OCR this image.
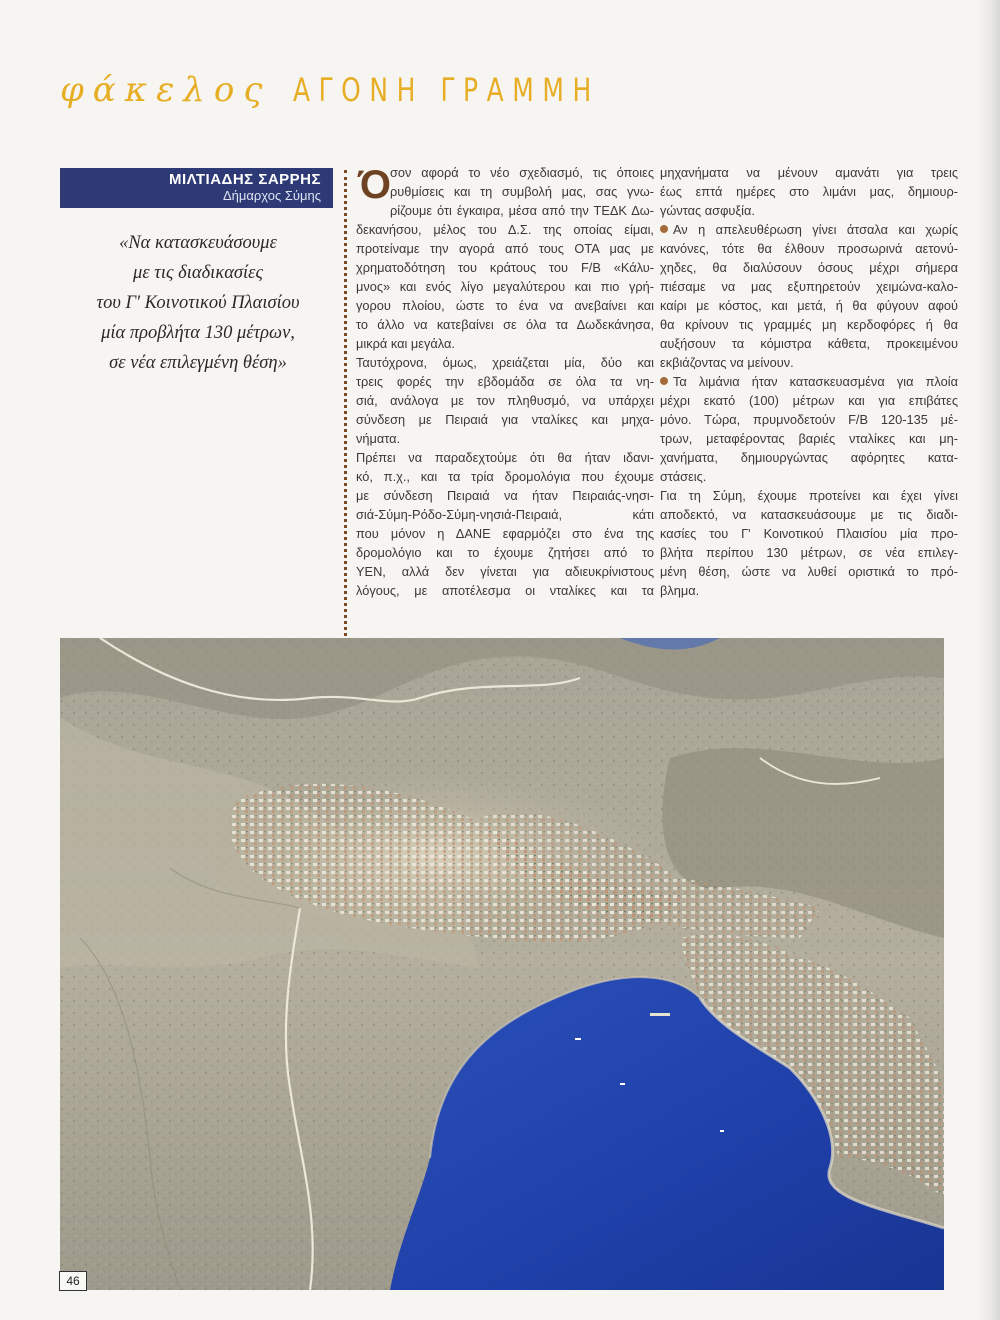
φάκελος ΑΓΟΝΗ ΓΡΑΜΜΗ
ΜΙΛΤΙΑΔΗΣ ΣΑΡΡΗΣ
Δήμαρχος Σύμης
«Να κατασκευάσουμε
με τις διαδικασίες
του Γ' Κοινοτικού Πλαισίου
μία προβλήτα 130 μέτρων,
σε νέα επιλεγμένη θέση»
Ό σον αφορά το νέο σχεδιασμό, τις όποιες
ρυθμίσεις και τη συμβολή μας, σας γνω-
ρίζουμε ότι έγκαιρα, μέσα από την ΤΕΔΚ Δω-
δεκανήσου, μέλος του Δ.Σ. της οποίας είμαι,
προτείναμε την αγορά από τους ΟΤΑ μας με
χρηματοδότηση του κράτους του F/B «Κάλυ-
μνος» και ενός λίγο μεγαλύτερου και πιο γρή-
γορου πλοίου, ώστε το ένα να ανεβαίνει και
το άλλο να κατεβαίνει σε όλα τα Δωδεκάνησα,
μικρά και μεγάλα.
Ταυτόχρονα, όμως, χρειάζεται μία, δύο και
τρεις φορές την εβδομάδα σε όλα τα νη-
σιά, ανάλογα με τον πληθυσμό, να υπάρχει
σύνδεση με Πειραιά για νταλίκες και μηχα-
νήματα.
Πρέπει να παραδεχτούμε ότι θα ήταν ιδανι-
κό, π.χ., και τα τρία δρομολόγια που έχουμε
με σύνδεση Πειραιά να ήταν Πειραιάς-νησι-
σιά-Σύμη-Ρόδο-Σύμη-νησιά-Πειραιά, κάτι
που μόνον η ΔΑΝΕ εφαρμόζει στο ένα της
δρομολόγιο και το έχουμε ζητήσει από το
ΥΕΝ, αλλά δεν γίνεται για αδιευκρίνιστους
λόγους, με αποτέλεσμα οι νταλίκες και τα

μηχανήματα να μένουν αμανάτι για τρεις
έως επτά ημέρες στο λιμάνι μας, δημιουρ-
γώντας ασφυξία.

Αν η απελευθέρωση γίνει άτσαλα και χωρίς
κανόνες, τότε θα έλθουν προσωρινά αετονύ-
χηδες, θα διαλύσουν όσους μέχρι σήμερα
πιέσαμε να μας εξυπηρετούν χειμώνα-καλο-
καίρι με κόστος, και μετά, ή θα φύγουν αφού
θα κρίνουν τις γραμμές μη κερδοφόρες ή θα
αυξήσουν τα κόμιστρα κάθετα, προκειμένου
εκβιάζοντας να μείνουν.

Τα λιμάνια ήταν κατασκευασμένα για πλοία
μέχρι εκατό (100) μέτρων και για επιβάτες
μόνο. Τώρα, πρυμνοδετούν F/B 120-135 μέ-
τρων, μεταφέροντας βαριές νταλίκες και μη-
χανήματα, δημιουργώντας αφόρητες κατα-
στάσεις.
Για τη Σύμη, έχουμε προτείνει και έχει γίνει
αποδεκτό, να κατασκευάσουμε με τις διαδι-
κασίες του Γ' Κοινοτικού Πλαισίου μία προ-
βλήτα περίπου 130 μέτρων, σε νέα επιλεγ-
μένη θέση, ώστε να λυθεί οριστικά το πρό-
βλημα.

46
